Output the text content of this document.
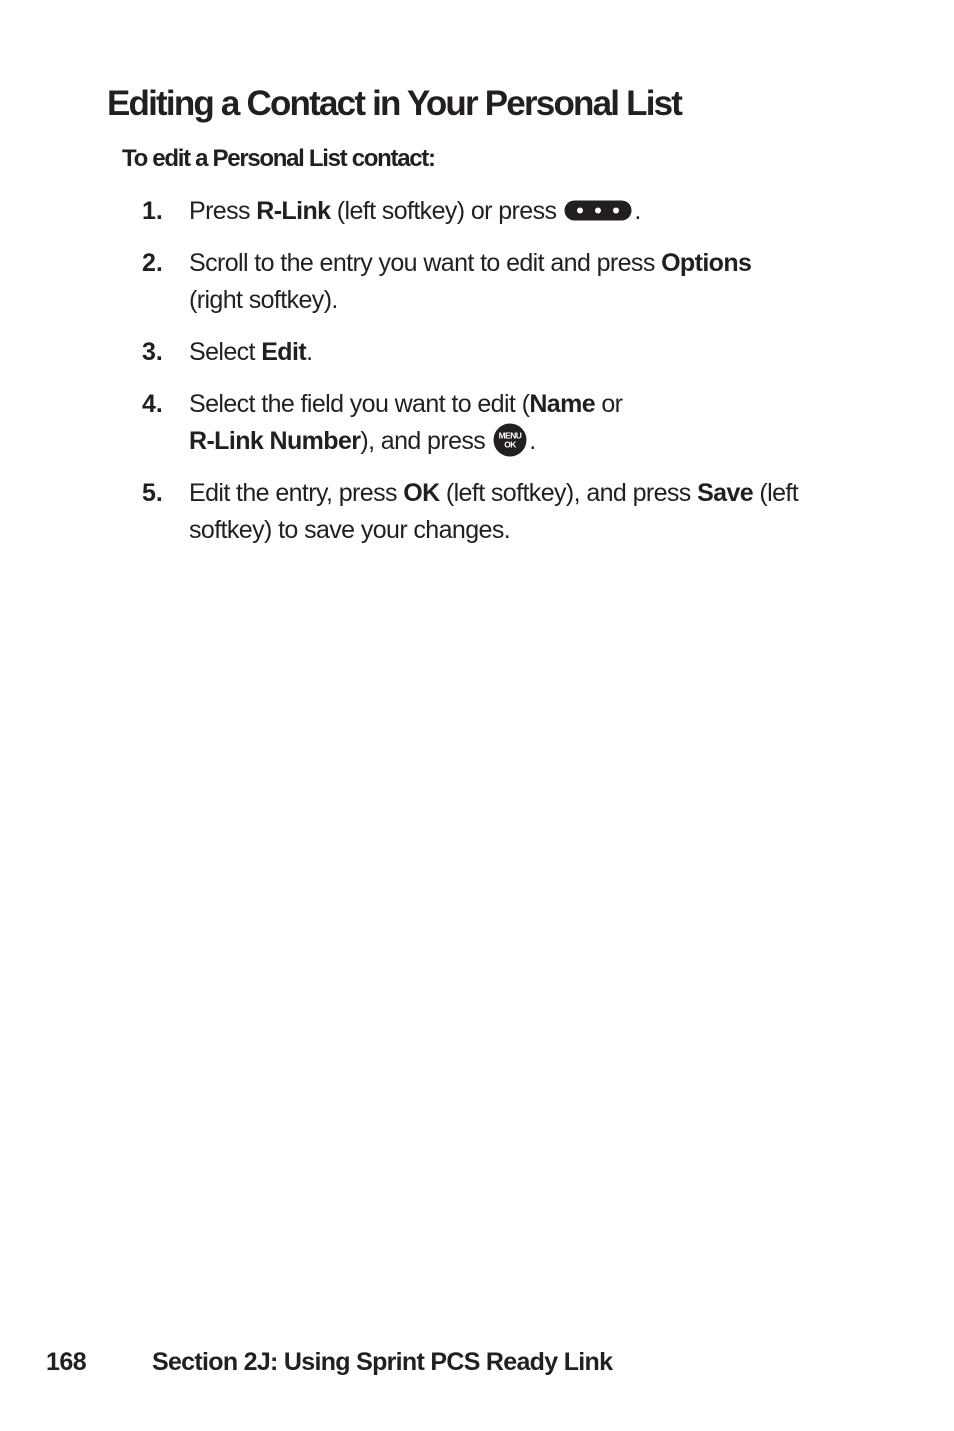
Editing a Contact in Your Personal List
To edit a Personal List contact:
1. Press R-Link (left softkey) or press	.
2. Scroll to the entry you want to edit and press Options
(right softkey).
3. Select Edit.
4. Select the field you want to edit (Name or
R-Link Number), and press MENU
OK .
5. Edit the entry, press OK (left softkey), and press Save (left softkey) to save your changes.
168	Section 2J: Using Sprint PCS Ready Link
